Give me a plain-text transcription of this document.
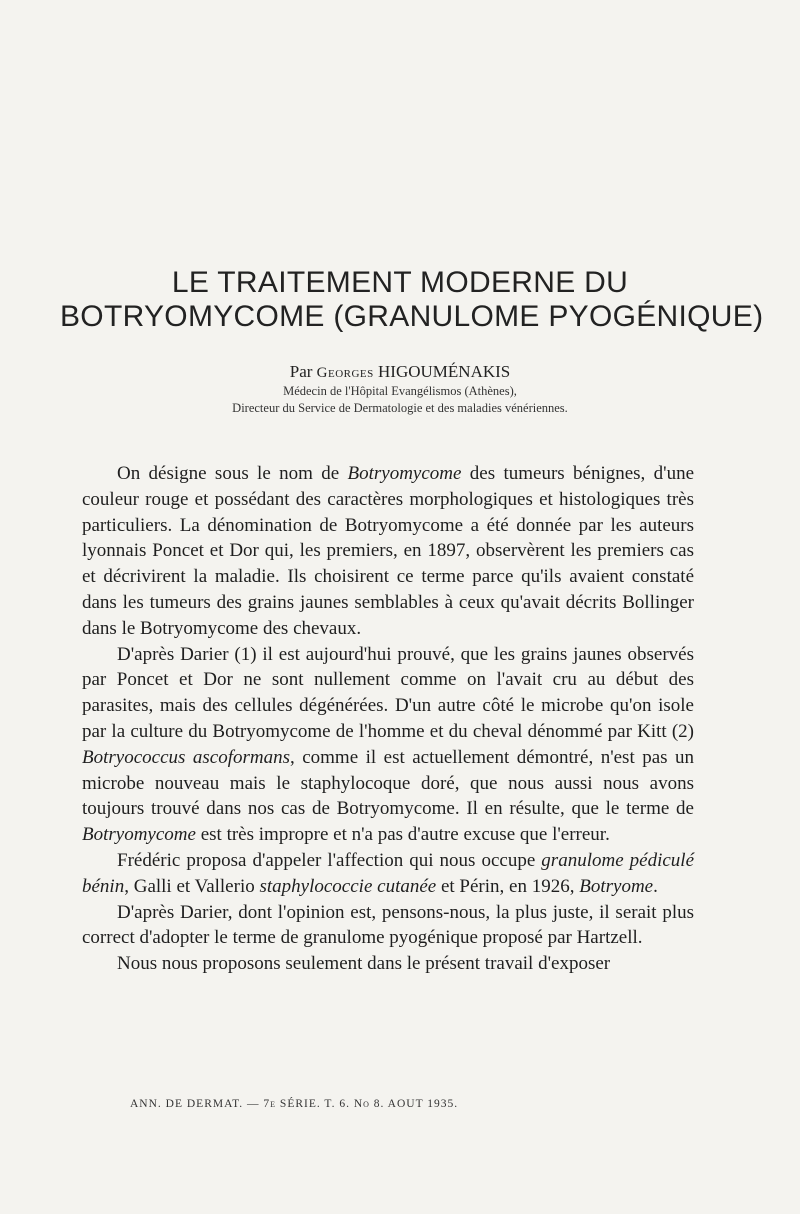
LE TRAITEMENT MODERNE DU
BOTRYOMYCOME (GRANULOME PYOGÉNIQUE)
Par Georges HIGOUMÉNAKIS
Médecin de l'Hôpital Evangélismos (Athènes),
Directeur du Service de Dermatologie et des maladies vénériennes.

On désigne sous le nom de Botryomycome des tumeurs bénignes, d'une couleur rouge et possédant des caractères morphologiques et histologiques très particuliers. La dénomination de Botryomycome a été donnée par les auteurs lyonnais Poncet et Dor qui, les premiers, en 1897, observèrent les premiers cas et décrivirent la maladie. Ils choisirent ce terme parce qu'ils avaient constaté dans les tumeurs des grains jaunes semblables à ceux qu'avait décrits Bollinger dans le Botryomycome des chevaux.

D'après Darier (1) il est aujourd'hui prouvé, que les grains jaunes observés par Poncet et Dor ne sont nullement comme on l'avait cru au début des parasites, mais des cellules dégénérées. D'un autre côté le microbe qu'on isole par la culture du Botryomycome de l'homme et du cheval dénommé par Kitt (2) Botryococcus ascoformans, comme il est actuellement démontré, n'est pas un microbe nouveau mais le staphylocoque doré, que nous aussi nous avons toujours trouvé dans nos cas de Botryomycome. Il en résulte, que le terme de Botryomycome est très impropre et n'a pas d'autre excuse que l'erreur.

Frédéric proposa d'appeler l'affection qui nous occupe granulome pédiculé bénin, Galli et Vallerio staphylococcie cutanée et Périn, en 1926, Botryome.

D'après Darier, dont l'opinion est, pensons-nous, la plus juste, il serait plus correct d'adopter le terme de granulome pyogénique proposé par Hartzell.

Nous nous proposons seulement dans le présent travail d'exposer

ANN. DE DERMAT. — 7e SÉRIE. T. 6. No 8. AOUT 1935.
